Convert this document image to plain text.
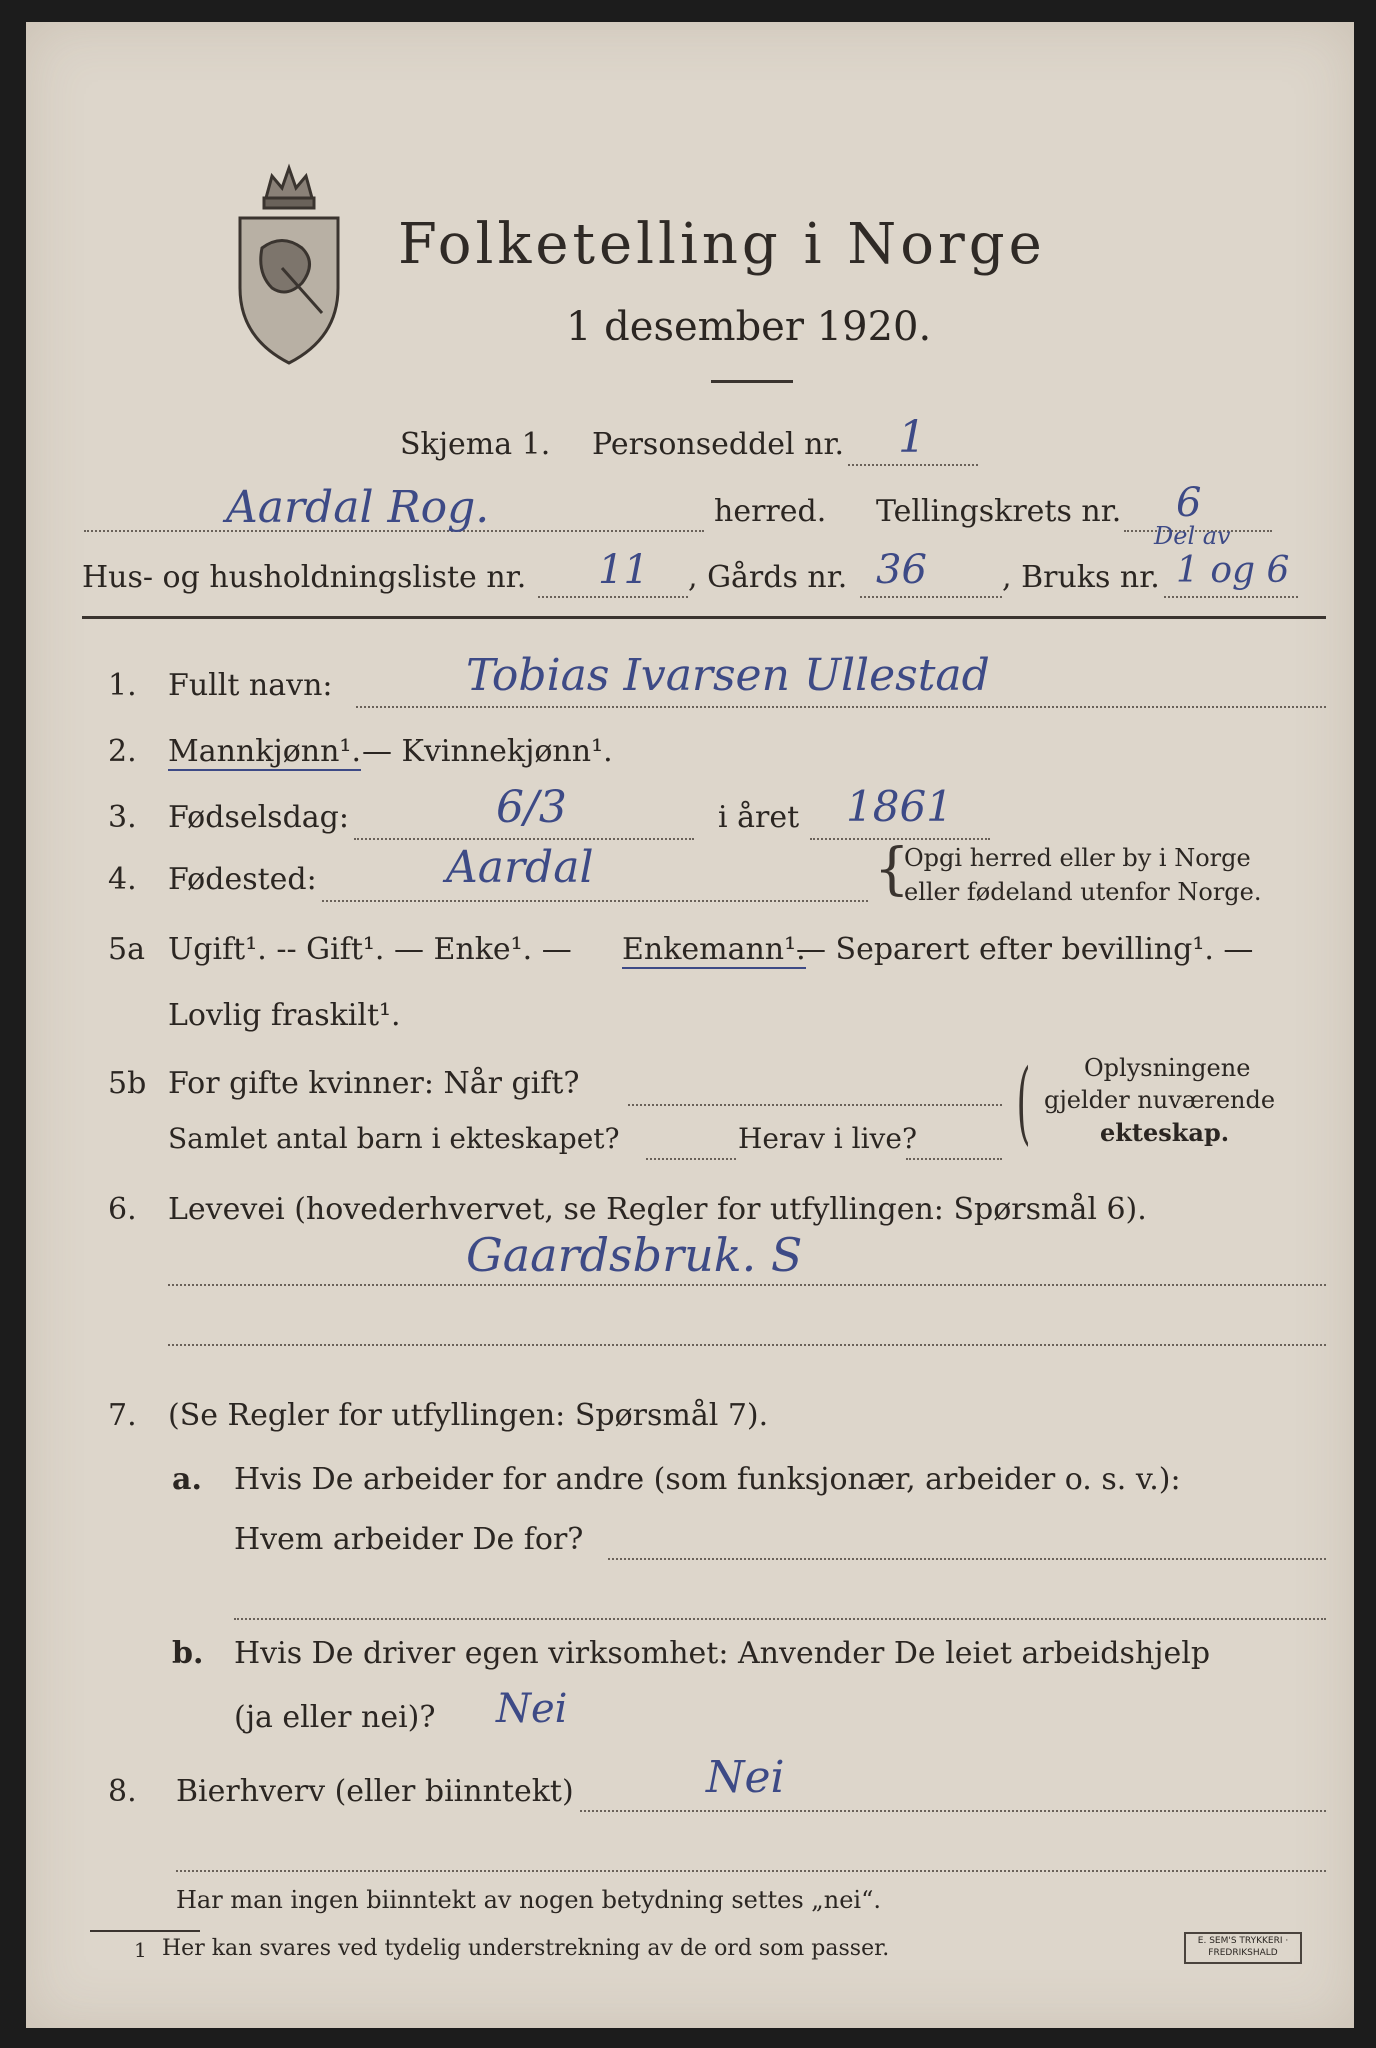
Folketelling i Norge
1 desember 1920.
Skjema 1. Personseddel nr. 1
Aardal Rog.	herred. Tellingskrets nr. 6
Hus- og husholdningsliste nr. 11 , Gårds nr. 36	, Bruks nr.
Del av
1 og 6
1. Fullt navn:	Tobias Ivarsen Ullestad
2. Mannkjønn¹. — Kvinnekjønn¹.
3. Fødselsdag:	6/3	i året 1861
4. Fødested:	Aardal	{
Opgi herred eller by i Norge
eller fødeland utenfor Norge.
5a Ugift¹. -- Gift¹. — Enke¹. — Enkemann¹.
— Separert efter bevilling¹. —
Lovlig fraskilt¹.
5b For gifte kvinner: Når gift?
Samlet antal barn i ekteskapet?	Herav i live? ( Oplysningene
gjelder nuværende
ekteskap.
6. Levevei (hovederhvervet, se Regler for utfyllingen: Spørsmål 6).
Gaardsbruk. S
7. (Se Regler for utfyllingen: Spørsmål 7).
a. Hvis De arbeider for andre (som funksjonær, arbeider o. s. v.):
Hvem arbeider De for?
b. Hvis De driver egen virksomhet: Anvender De leiet arbeidshjelp
(ja eller nei)? Nei
8. Bierhverv (eller biinntekt)	Nei
Har man ingen biinntekt av nogen betydning settes „nei“.
1 Her kan svares ved tydelig understrekning av de ord som passer.	E. SEM'S TRYKKERI · FREDRIKSHALD
